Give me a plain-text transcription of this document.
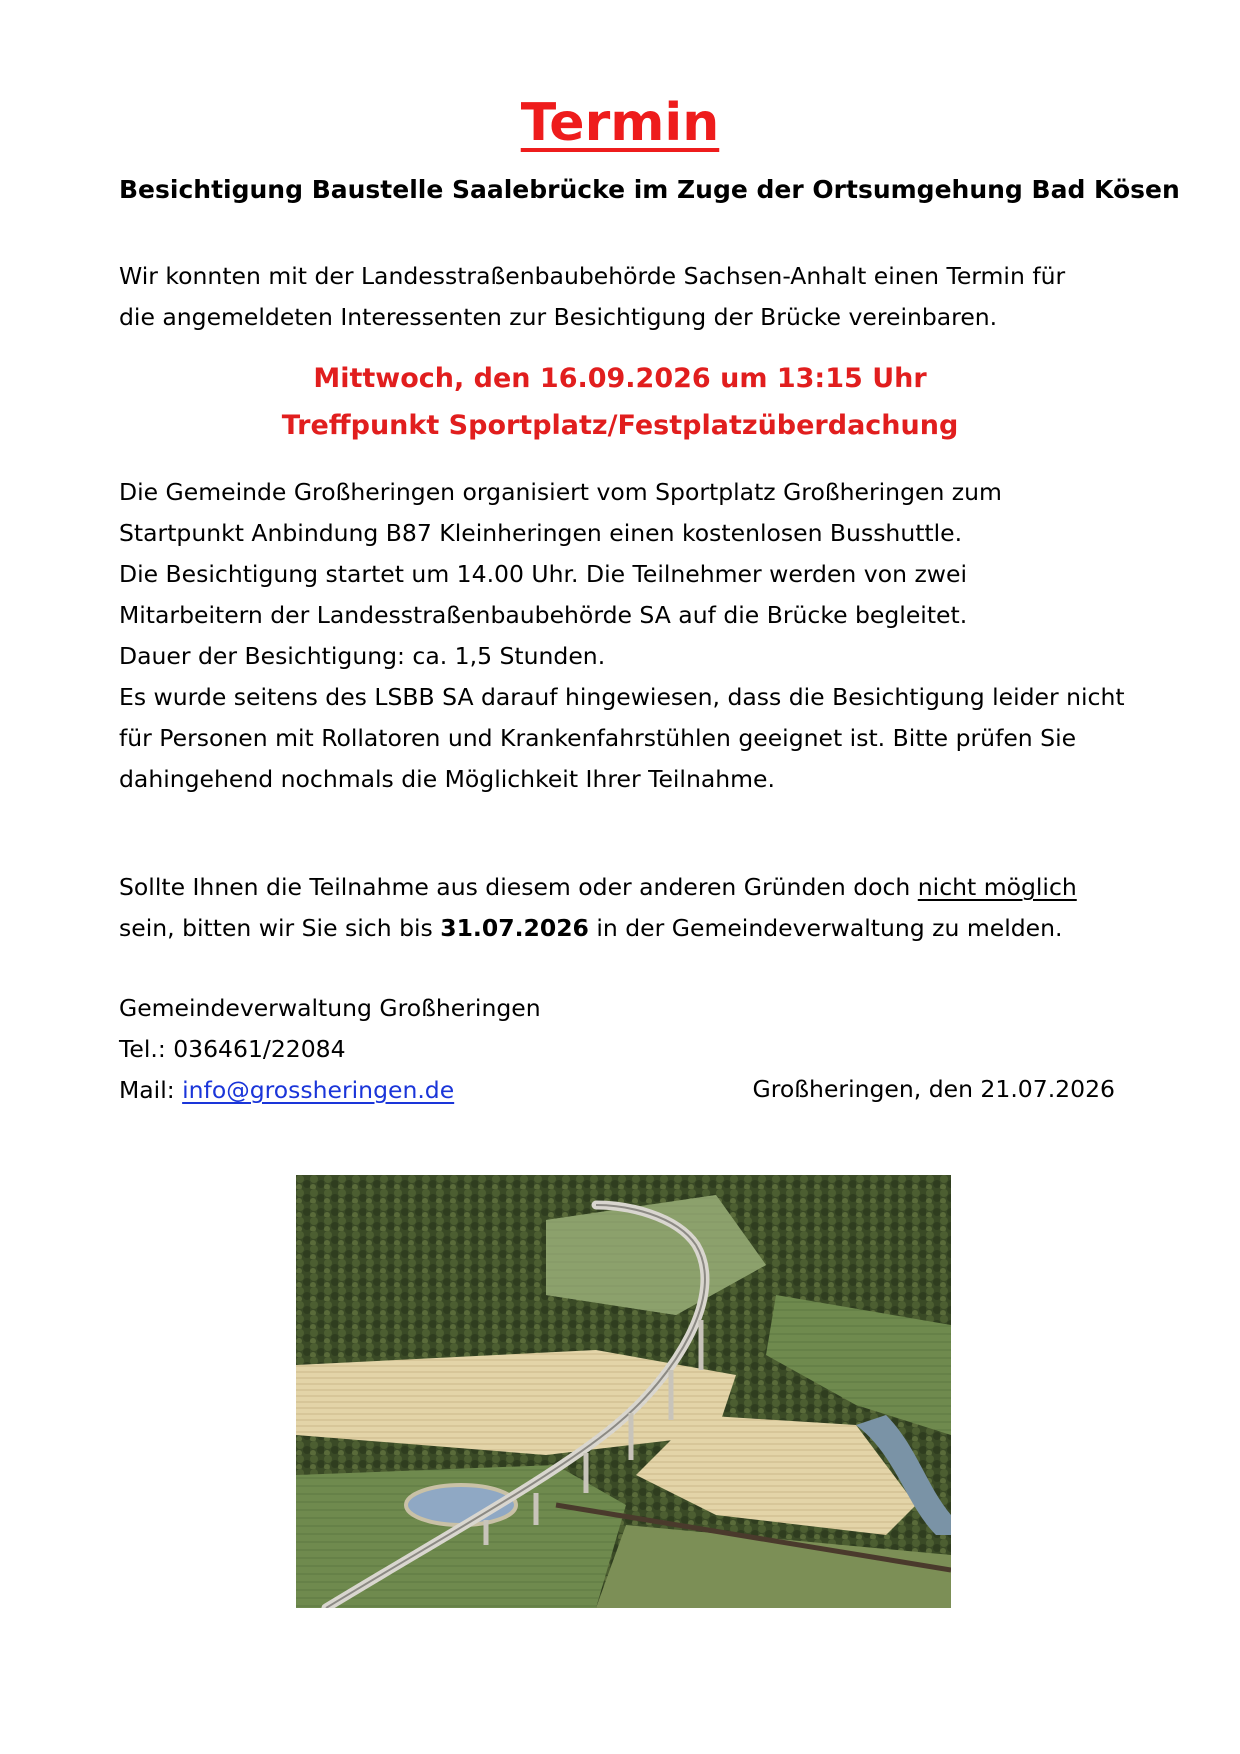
Termin
Besichtigung Baustelle Saalebrücke im Zuge der Ortsumgehung Bad Kösen
Wir konnten mit der Landesstraßenbaubehörde Sachsen-Anhalt einen Termin für
die angemeldeten Interessenten zur Besichtigung der Brücke vereinbaren.
Mittwoch, den 16.09.2026 um 13:15 Uhr
Treffpunkt Sportplatz/Festplatzüberdachung
Die Gemeinde Großheringen organisiert vom Sportplatz Großheringen zum
Startpunkt Anbindung B87 Kleinheringen einen kostenlosen Busshuttle.
Die Besichtigung startet um 14.00 Uhr. Die Teilnehmer werden von zwei
Mitarbeitern der Landesstraßenbaubehörde SA auf die Brücke begleitet.
Dauer der Besichtigung: ca. 1,5 Stunden.
Es wurde seitens des LSBB SA darauf hingewiesen, dass die Besichtigung leider nicht
für Personen mit Rollatoren und Krankenfahrstühlen geeignet ist. Bitte prüfen Sie
dahingehend nochmals die Möglichkeit Ihrer Teilnahme.
Sollte Ihnen die Teilnahme aus diesem oder anderen Gründen doch nicht möglich
sein, bitten wir Sie sich bis 31.07.2026 in der Gemeindeverwaltung zu melden.
Gemeindeverwaltung Großheringen
Tel.: 036461/22084
Mail: info@grossheringen.de	Großheringen, den 21.07.2026
